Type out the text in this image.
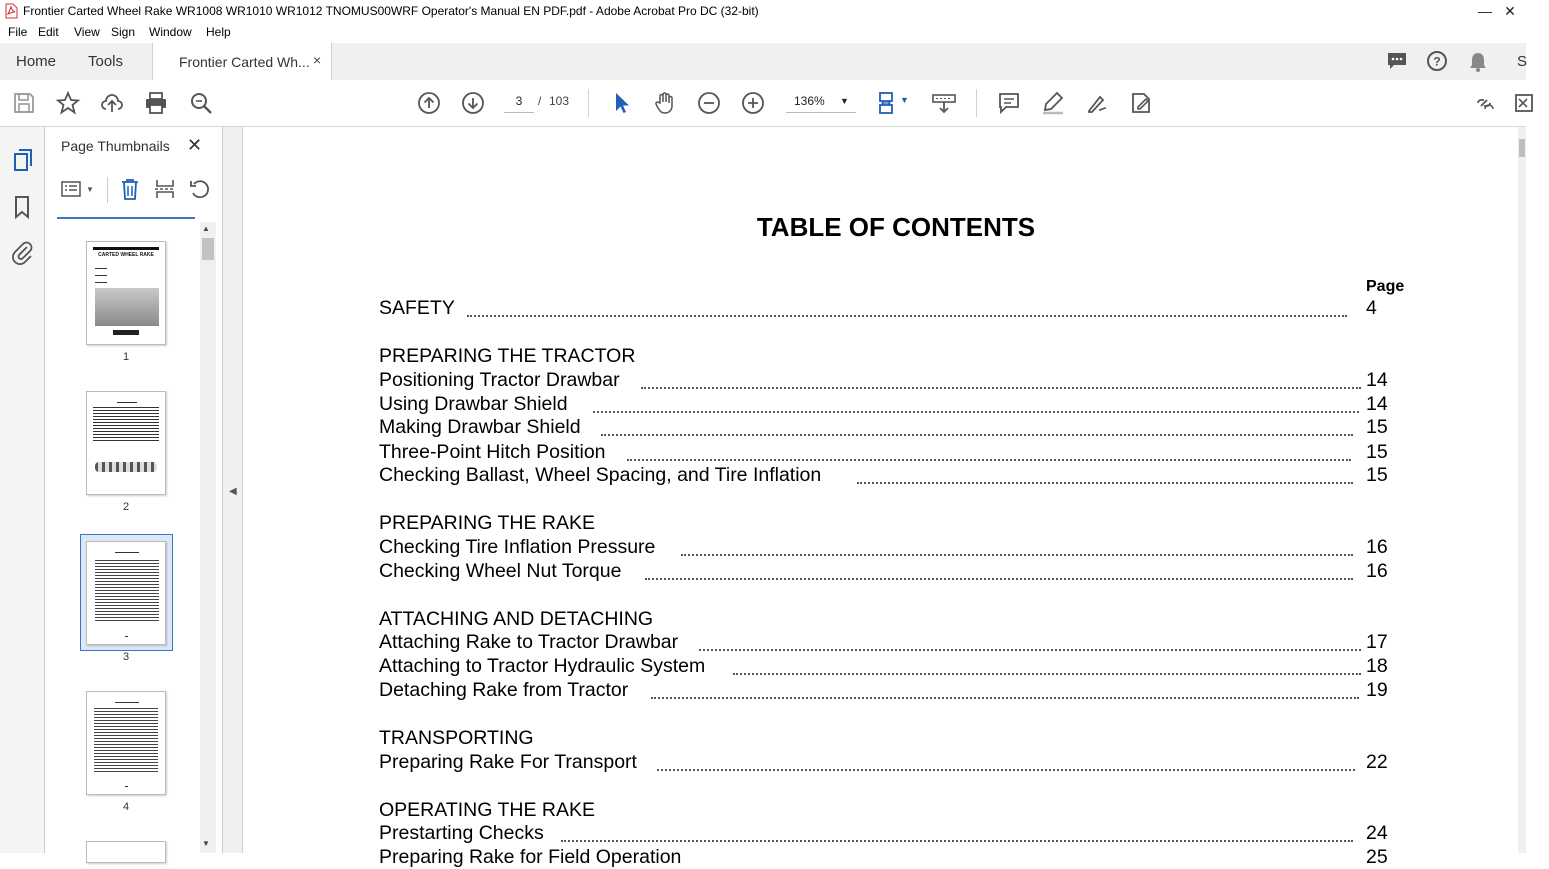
Frontier Carted Wheel Rake WR1008 WR1010 WR1012 TNOMUS00WRF Operator's Manual EN PDF.pdf - Adobe Acrobat Pro DC (32-bit)	— ✕
File Edit View Sign Window Help
Home Tools	Frontier Carted Wh... ×	?	S
3	/ 103	136% ▼	▼
Page Thumbnails ✕
▼
▲
▼
CARTED WHEEL RAKE
1
2
3
4
◀
TABLE OF CONTENTS
Page
SAFETY	4
PREPARING THE TRACTOR
Positioning Tractor Drawbar	14
Using Drawbar Shield	14
Making Drawbar Shield	15
Three-Point Hitch Position	15
Checking Ballast, Wheel Spacing, and Tire Inflation	15
PREPARING THE RAKE
Checking Tire Inflation Pressure	16
Checking Wheel Nut Torque	16
ATTACHING AND DETACHING
Attaching Rake to Tractor Drawbar	17
Attaching to Tractor Hydraulic System	18
Detaching Rake from Tractor	19
TRANSPORTING
Preparing Rake For Transport	22
OPERATING THE RAKE
Prestarting Checks	24
Preparing Rake for Field Operation	25
